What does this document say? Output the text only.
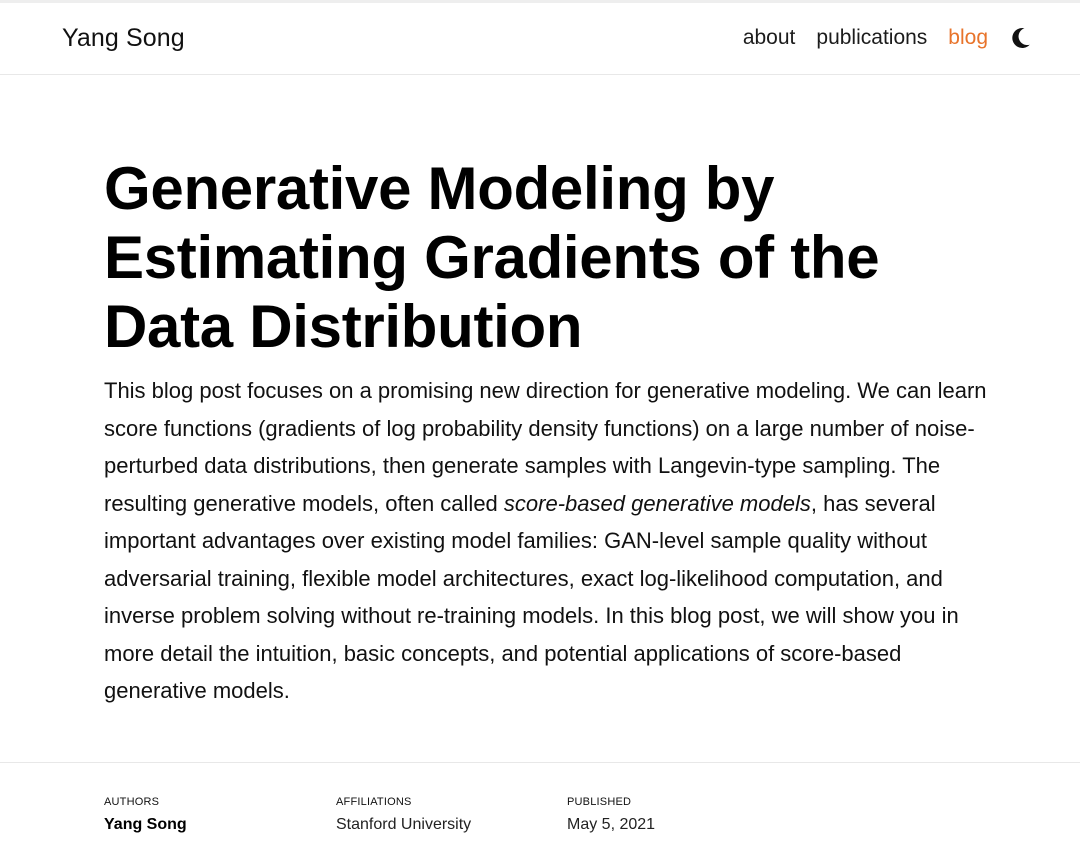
Yang Song	about publications blog
Generative Modeling by Estimating Gradients of the Data Distribution

This blog post focuses on a promising new direction for generative modeling. We can learn score functions (gradients of log probability density functions) on a large number of noise-perturbed data distributions, then generate samples with Langevin-type sampling. The resulting generative models, often called score-based generative models, has several important advantages over existing model families: GAN-level sample quality without adversarial training, flexible model architectures, exact log-likelihood computation, and inverse problem solving without re-training models. In this blog post, we will show you in more detail the intuition, basic concepts, and potential applications of score-based generative models.

AUTHORS
Yang Song
AFFILIATIONS
Stanford University
PUBLISHED
May 5, 2021
